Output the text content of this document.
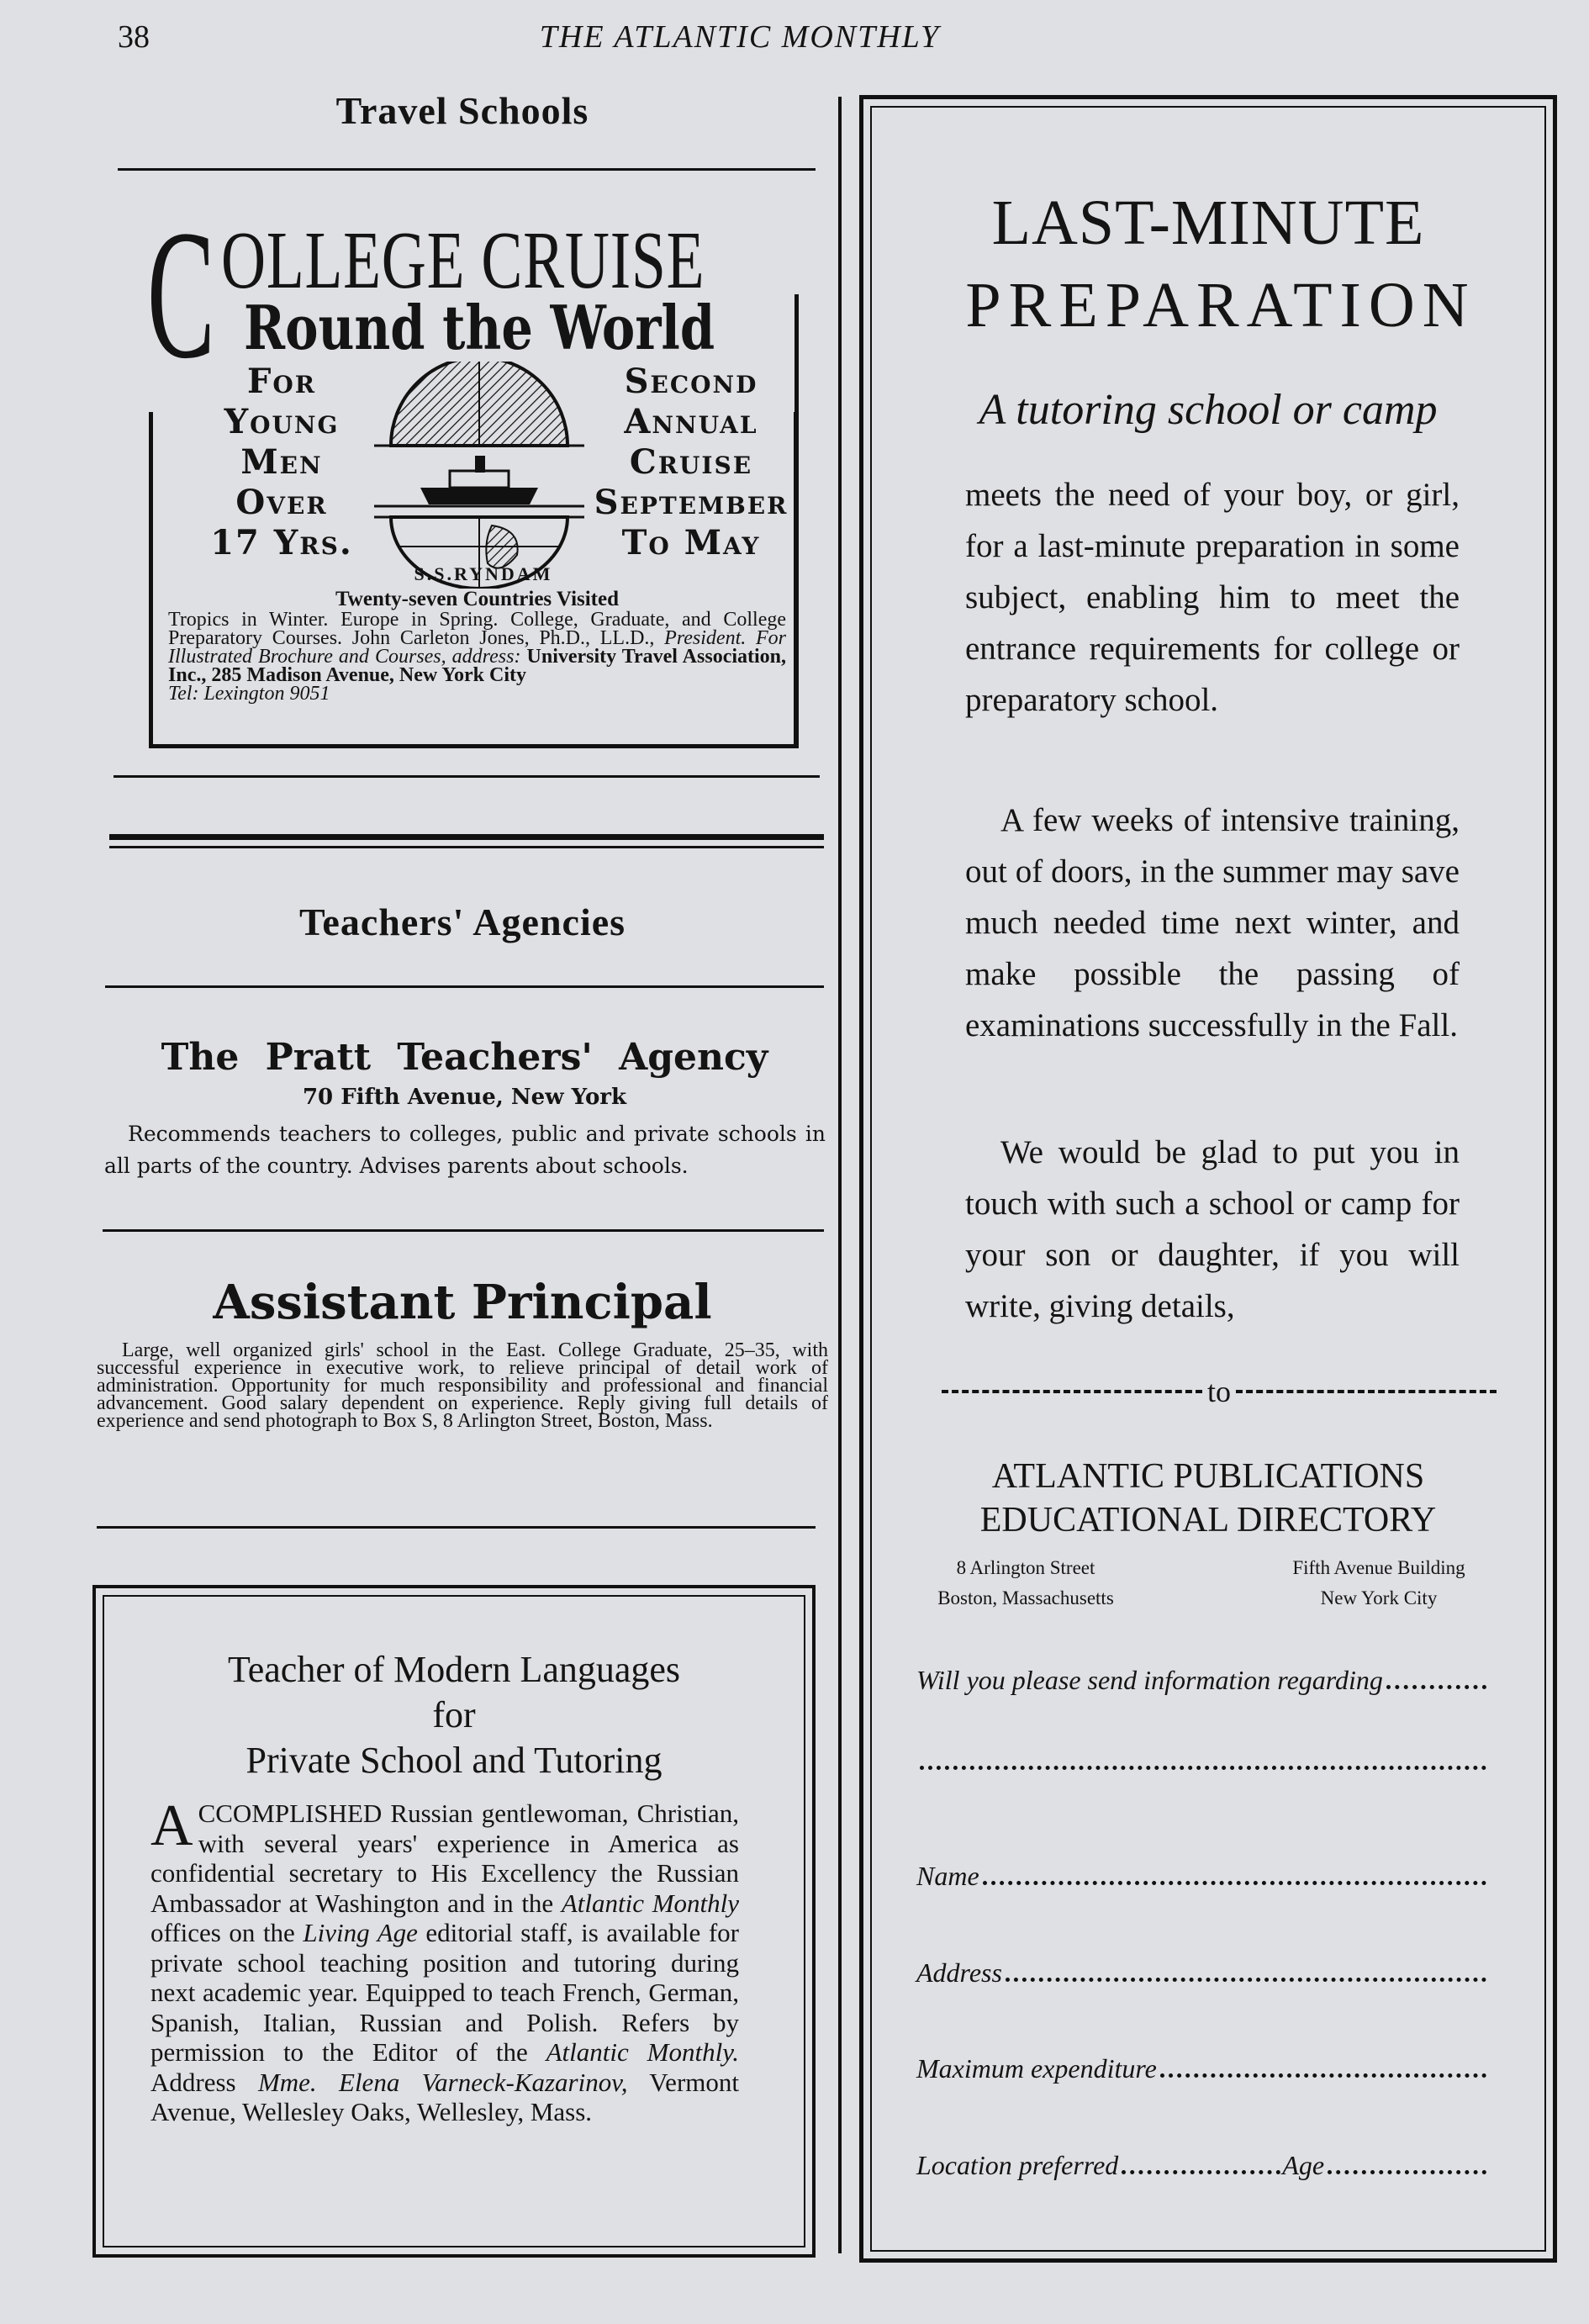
38	THE ATLANTIC MONTHLY
Travel Schools
C OLLEGE CRUISE
Round the World
For
Young
Men
Over
17 Yrs.
Second
Annual
Cruise
September
To May
S.S.RYNDAM
Twenty-seven Countries Visited
Tropics in Winter. Europe in Spring. College, Graduate, and College Preparatory Courses. John Carleton Jones, Ph.D., LL.D., President. For Illustrated Brochure and Courses, address: University Travel Association, Inc., 285 Madison Avenue, New York City
Tel: Lexington 9051
Teachers' Agencies
The Pratt Teachers' Agency
70 Fifth Avenue, New York
Recommends teachers to colleges, public and private schools in all parts of the country. Advises parents about schools.
Assistant Principal
Large, well organized girls' school in the East. College Graduate, 25–35, with successful experience in executive work, to relieve principal of detail work of administration. Opportunity for much responsibility and professional and financial advancement. Good salary dependent on experience. Reply giving full details of experience and send photograph to Box S, 8 Arlington Street, Boston, Mass.
Teacher of Modern Languages
for
Private School and Tutoring
A CCOMPLISHED Russian gentlewoman, Christian, with several years' experience in America as confidential secretary to His Excellency the Russian Ambassador at Washington and in the Atlantic Monthly offices on the Living Age editorial staff, is available for private school teaching position and tutoring during next academic year. Equipped to teach French, German, Spanish, Italian, Russian and Polish. Refers by permission to the Editor of the Atlantic Monthly. Address Mme. Elena Varneck-Kazarinov, Vermont Avenue, Wellesley Oaks, Wellesley, Mass.
LAST-MINUTE
PREPARATION
A tutoring school or camp
meets the need of your boy, or girl, for a last-minute preparation in some subject, enabling him to meet the entrance requirements for college or preparatory school.
A few weeks of intensive training, out of doors, in the summer may save much needed time next winter, and make possible the passing of examinations successfully in the Fall.
We would be glad to put you in touch with such a school or camp for your son or daughter, if you will write, giving details,
to
ATLANTIC PUBLICATIONS
EDUCATIONAL DIRECTORY
8 Arlington Street
Boston, Massachusetts
Fifth Avenue Building
New York City
Will you please send information regarding
Name
Address
Maximum expenditure
Location preferred	Age
